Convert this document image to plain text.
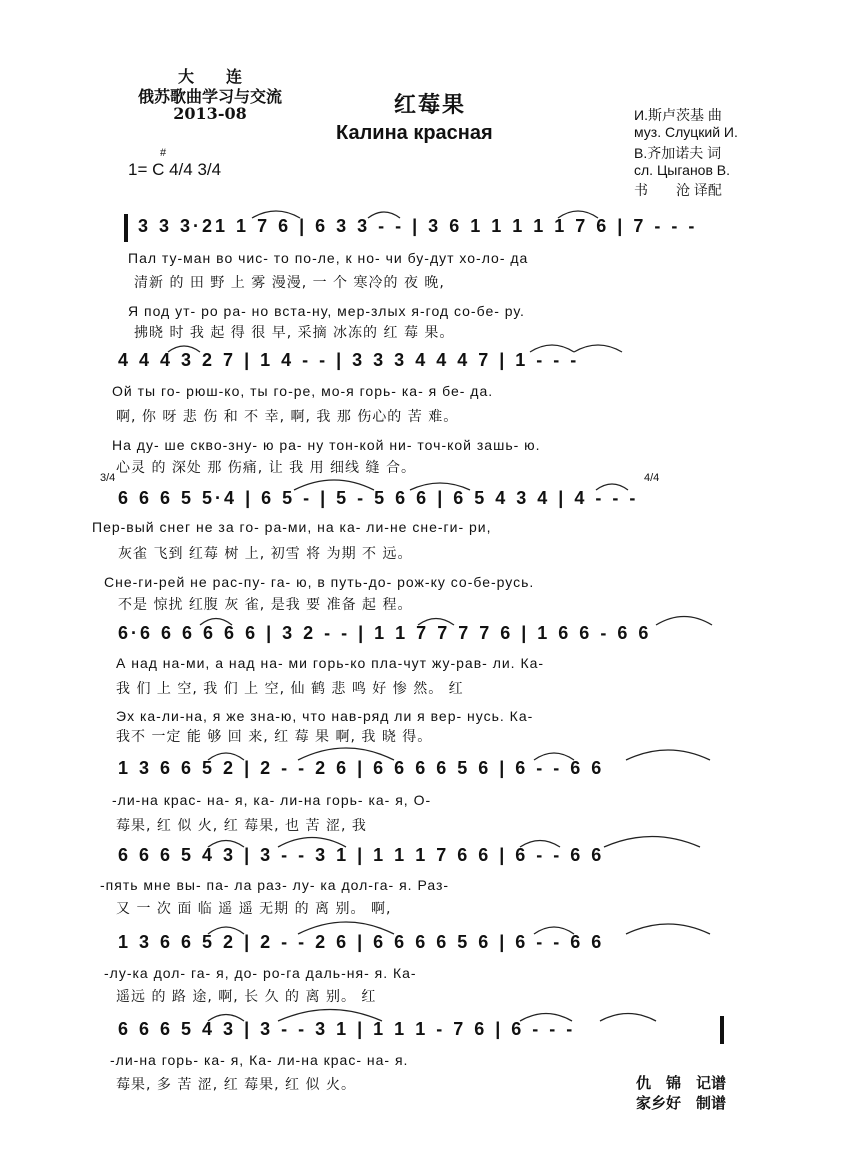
大　　连
俄苏歌曲学习与交流
2013-08	红莓果
Калина красная
#
1= C 4/4 3/4
И.斯卢茨基 曲
муз. Слуцкий И.
В.齐加诺夫 词
сл. Цыганов В.
书　　沧 译配
3 3 3·21 1 7 6 | 6 3 3 - - | 3 6 1 1 1 1 1 7 6 | 7 - - -
Пал ту-ман во чис- то по-ле, к но- чи бу-дут хо-ло- да
清新 的 田 野 上 雾 漫漫, 一 个 寒冷的 夜 晚,
Я под ут- ро ра- но вста-ну, мер-злых я-год со-бе- ру.
拂晓 时 我 起 得 很 早, 采摘 冰冻的 红 莓 果。
4 4 4 3 2 7 | 1 4 - - | 3 3 3 4 4 4 7 | 1 - - -
Ой ты го- рюш-ко, ты го-ре, мо-я горь- ка- я бе- да.
啊, 你 呀 悲 伤 和 不 幸, 啊, 我 那 伤心的 苦 难。
На ду- ше скво-зну- ю ра- ну тон-кой ни- точ-кой зашь- ю.
心灵 的 深处 那 伤痛, 让 我 用 细线 缝 合。
3/4	4/4
6 6 6 5 5·4 | 6 5 - | 5 - 5 6 6 | 6 5 4 3 4 | 4 - - -
Пер-вый снег не за го- ра-ми, на ка- ли-не сне-ги- ри,
灰雀 飞到 红莓 树 上, 初雪 将 为期 不 远。
Сне-ги-рей не рас-пу- га- ю, в путь-до- рож-ку со-бе-русь.
不是 惊扰 红腹 灰 雀, 是我 要 准备 起 程。
6·6 6 6 6 6 6 | 3 2 - - | 1 1 7 7 7 7 6 | 1 6 6 - 6 6
А над на-ми, а над на- ми горь-ко пла-чут жу-рав- ли. Ка-
我 们 上 空, 我 们 上 空, 仙 鹤 悲 鸣 好 惨 然。 红
Эх ка-ли-на, я же зна-ю, что нав-ряд ли я вер- нусь. Ка-
我不 一定 能 够 回 来, 红 莓 果 啊, 我 晓 得。
1 3 6 6 5 2 | 2 - - 2 6 | 6 6 6 6 5 6 | 6 - - 6 6
-ли-на крас- на- я, ка- ли-на горь- ка- я, О-
莓果, 红 似 火, 红 莓果, 也 苦 涩, 我
6 6 6 5 4 3 | 3 - - 3 1 | 1 1 1 7 6 6 | 6 - - 6 6
-пять мне вы- па- ла раз- лу- ка дол-га- я. Раз-
又 一 次 面 临 遥 遥 无期 的 离 别。 啊,
1 3 6 6 5 2 | 2 - - 2 6 | 6 6 6 6 5 6 | 6 - - 6 6
-лу-ка дол- га- я, до- ро-га даль-ня- я. Ка-
遥远 的 路 途, 啊, 长 久 的 离 别。 红
6 6 6 5 4 3 | 3 - - 3 1 | 1 1 1 - 7 6 | 6 - - -
-ли-на горь- ка- я, Ка- ли-на крас- на- я.
莓果, 多 苦 涩, 红 莓果, 红 似 火。	仇　锦　记谱
家乡好　制谱
